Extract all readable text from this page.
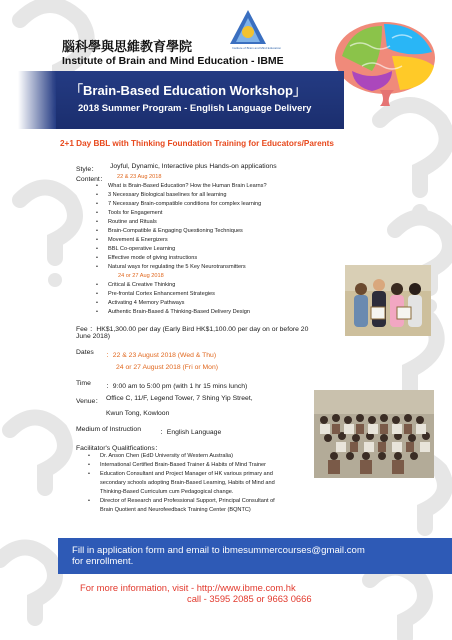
Institute of Brain and Mind Education
腦科學與思維教育學院
Institute of Brain and Mind Education - IBME
「Brain-Based Education Workshop」
2018 Summer Program - English Language Delivery
2+1 Day BBL with Thinking Foundation Training for Educators/Parents
Style： Joyful, Dynamic, Interactive plus Hands-on applications
Content： 22 & 23 Aug 2018
• What is Brain-Based Education? How the Human Brain Learns?
• 3 Necessary Biological baselines for all learning
• 7 Necessary Brain-compatible conditions for complex learning
• Tools for Engagement
• Routine and Rituals
• Brain-Compatible & Engaging Questioning Techniques
• Movement & Energizers
• BBL Co-operative Learning
• Effective mode of giving instructions
• Natural ways for regulating the 5 Key Neurotransmitters
24 or 27 Aug 2018
• Critical & Creative Thinking
• Pre-frontal Cortex Enhancement Strategies
• Activating 4 Memory Pathways
• Authentic Brain-Based & Thinking-Based Delivery Design
Fee ：HK$1,300.00 per day (Early Bird HK$1,100.00 per day on or before 20
June 2018)
Dates ：22 & 23 August 2018 (Wed & Thu)
24 or 27 August 2018 (Fri or Mon)
Time ：9:00 am to 5:00 pm (with 1 hr 15 mins lunch)
Venue： Office C, 11/F, Legend Tower, 7 Shing Yip Street,
Kwun Tong, Kowloon
Medium of Instruction	：English Language
Facilitator's Qualitfications：
• Dr. Anson Chen (EdD University of Western Australia)
• International Certified Brain-Based Trainer & Habits of Mind Trainer
• Education Consultant and Project Manager of HK various primary and
secondary schools adopting Brain-Based Learning, Habits of Mind and
Thinking-Based Curriculum cum Pedagogical change.
• Director of Research and Professional Support, Principal Consultant of
Brain Quotient and Neurofeedback Training Center (BQNTC)
Fill in application form and email to ibmesummercourses@gmail.com
for enrollment.
For more information, visit - http://www.ibme.com.hk
call - 3595 2085 or 9663 0666
